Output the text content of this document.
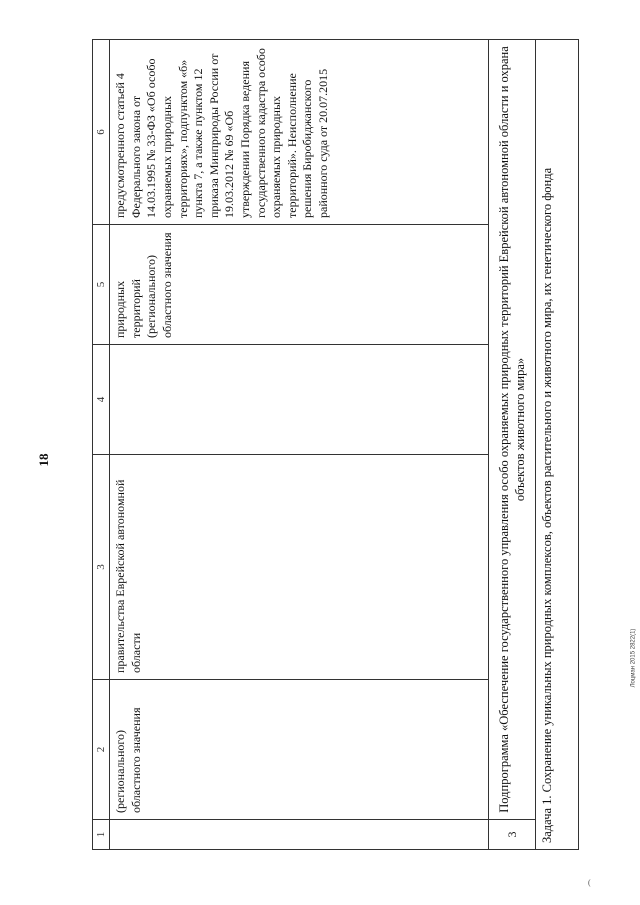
18
1	2	3	4	5	6
	(регионального) областного значения	правительства Еврейской автономной области		природных территорий (регионального) областного значения	предусмотренного статьей 4 Федерального закона от 14.03.1995 № 33-ФЗ «Об особо охраняемых природных территориях», подпунктом «б» пункта 7, а также пунктом 12 приказа Минприроды России от 19.03.2012 № 69 «Об утверждении Порядка ведения государственного кадастра особо охраняемых природных территорий». Неисполнение решения Биробиджанского районного суда от 20.07.2015
3	Подпрограмма «Обеспечение государственного управления особо охраняемых природных территорий Еврейской автономной области и охрана объектов животного мира»				
Задача 1. Сохранение уникальных природных комплексов, объектов растительного и животного мира, их генетического фонда						Лоцман 2015 2822(1)
(
